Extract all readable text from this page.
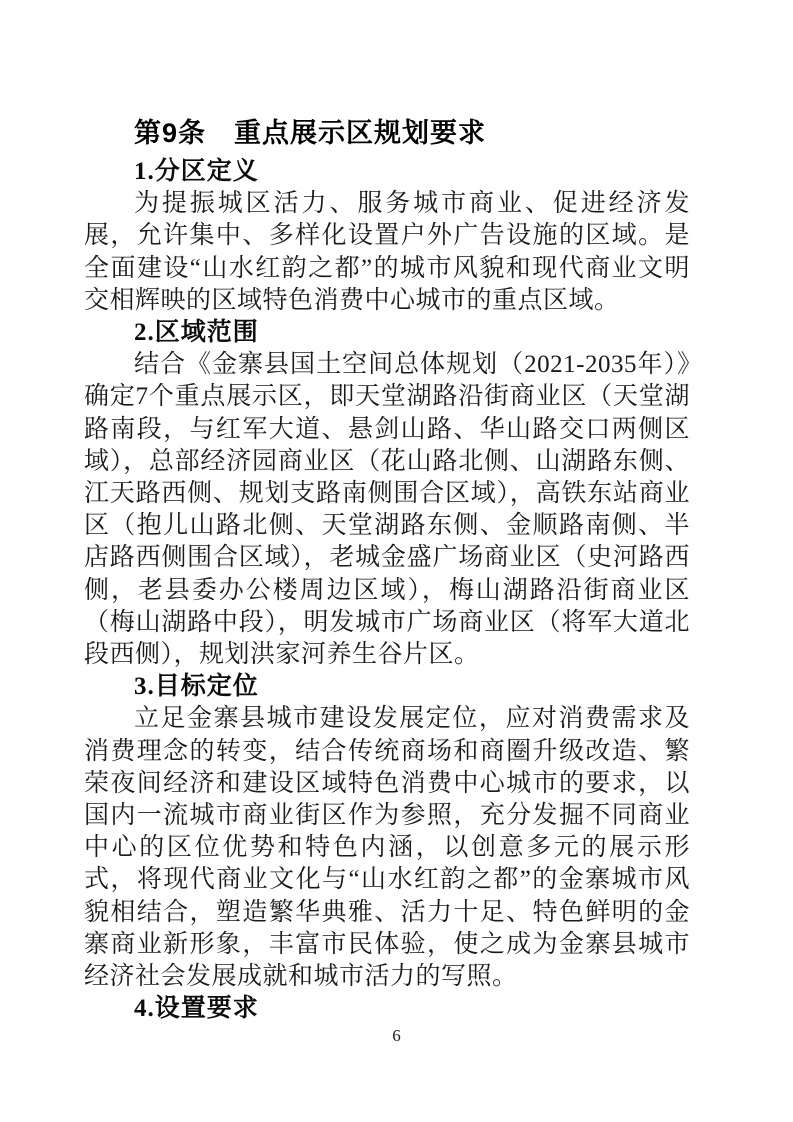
第9条　重点展示区规划要求
1.分区定义

为提振城区活力、服务城市商业、促进经济发展，允许集中、多样化设置户外广告设施的区域。是全面建设“山水红韵之都”的城市风貌和现代商业文明交相辉映的区域特色消费中心城市的重点区域。

2.区域范围

结合《金寨县国土空间总体规划（2021-2035年）》确定7个重点展示区，即天堂湖路沿街商业区（天堂湖路南段，与红军大道、悬剑山路、华山路交口两侧区域），总部经济园商业区（花山路北侧、山湖路东侧、江天路西侧、规划支路南侧围合区域），高铁东站商业区（抱儿山路北侧、天堂湖路东侧、金顺路南侧、半店路西侧围合区域），老城金盛广场商业区（史河路西侧，老县委办公楼周边区域），梅山湖路沿街商业区（梅山湖路中段），明发城市广场商业区（将军大道北段西侧），规划洪家河养生谷片区。

3.目标定位

立足金寨县城市建设发展定位，应对消费需求及消费理念的转变，结合传统商场和商圈升级改造、繁荣夜间经济和建设区域特色消费中心城市的要求，以国内一流城市商业街区作为参照，充分发掘不同商业中心的区位优势和特色内涵，以创意多元的展示形式，将现代商业文化与“山水红韵之都”的金寨城市风貌相结合，塑造繁华典雅、活力十足、特色鲜明的金寨商业新形象，丰富市民体验，使之成为金寨县城市经济社会发展成就和城市活力的写照。

4.设置要求

6
